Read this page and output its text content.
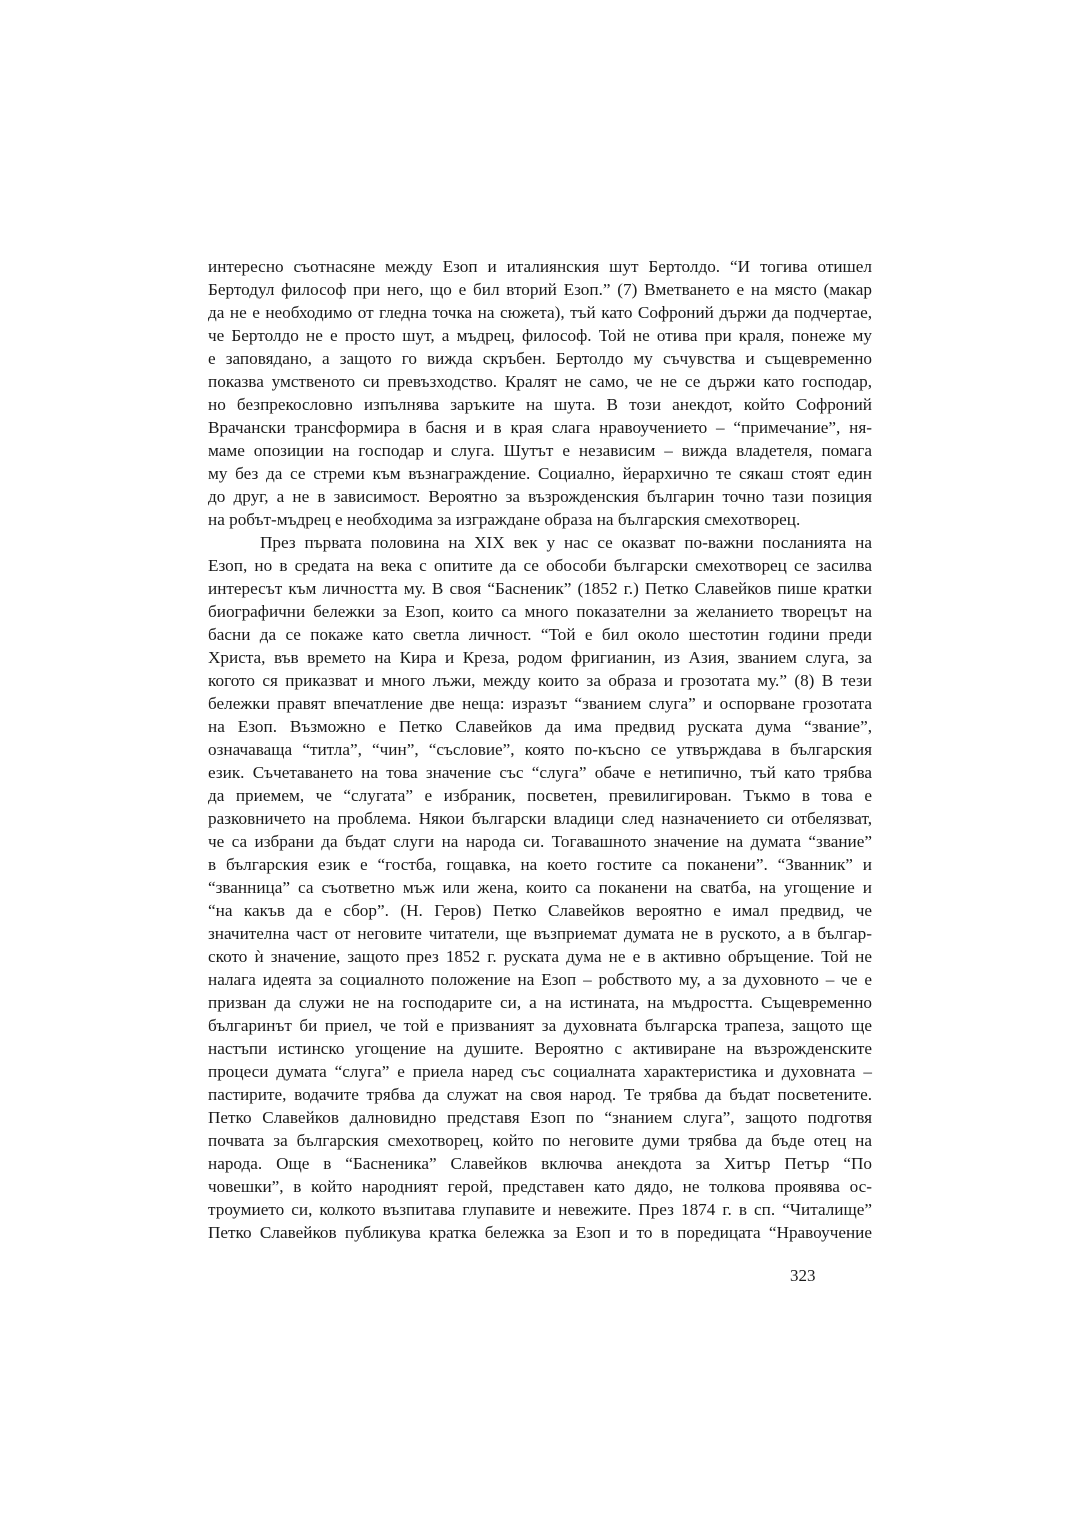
интересно съотнасяне между Езоп и италиянския шут Бертолдо. “И тогива отишел
Бертодул философ при него, що е бил вторий Езоп.” (7) Вметването е на място (макар
да не е необходимо от гледна точка на сюжета), тъй като Софроний държи да подчертае,
че Бертолдо не е просто шут, а мъдрец, философ. Той не отива при краля, понеже му
е заповядано, а защото го вижда скръбен. Бертолдо му съчувства и същевременно
показва умственото си превъзходство. Кралят не само, че не се държи като господар,
но безпрекословно изпълнява заръките на шута. В този анекдот, който Софроний
Врачански трансформира в басня и в края слага нравоучението – “примечание”, ня-
маме опозиции на господар и слуга. Шутът е независим – вижда владетеля, помага
му без да се стреми към възнаграждение. Социално, йерархично те сякаш стоят един
до друг, а не в зависимост. Вероятно за възрожденския българин точно тази позиция
на робът-мъдрец е необходима за изграждане образа на българския смехотворец.
През първата половина на XIX век у нас се оказват по-важни посланията на
Езоп, но в средата на века с опитите да се обособи български смехотворец се засилва
интересът към личността му. В своя “Басненик” (1852 г.) Петко Славейков пише кратки
биографични бележки за Езоп, които са много показателни за желанието творецът на
басни да се покаже като светла личност. “Той е бил около шестотин години преди
Христа, във времето на Кира и Креза, родом фригианин, из Азия, званием слуга, за
когото ся приказват и много лъжи, между които за образа и грозотата му.” (8) В тези
бележки правят впечатление две неща: изразът “званием слуга” и оспорване грозотата
на Езоп. Възможно е Петко Славейков да има предвид руската дума “звание”,
означаваща “титла”, “чин”, “съсловие”, която по-късно се утвърждава в българския
език. Съчетаването на това значение със “слуга” обаче е нетипично, тъй като трябва
да приемем, че “слугата” е избраник, посветен, превилигирован. Тъкмо в това е
разковничето на проблема. Някои български владици след назначението си отбелязват,
че са избрани да бъдат слуги на народа си. Тогавашното значение на думата “звание”
в българския език е “гостба, гощавка, на което гостите са поканени”. “Званник” и
“званница” са съответно мъж или жена, които са поканени на сватба, на угощение и
“на какъв да е сбор”. (Н. Геров) Петко Славейков вероятно е имал предвид, че
значителна част от неговите читатели, ще възприемат думата не в руското, а в българ-
ското ѝ значение, защото през 1852 г. руската дума не е в активно обръщение. Той не
налага идеята за социалното положение на Езоп – робството му, а за духовното – че е
призван да служи не на господарите си, а на истината, на мъдростта. Същевременно
българинът би приел, че той е призваният за духовната българска трапеза, защото ще
настъпи истинско угощение на душите. Вероятно с активиране на възрожденските
процеси думата “слуга” е приела наред със социалната характеристика и духовната –
пастирите, водачите трябва да служат на своя народ. Те трябва да бъдат посветените.
Петко Славейков далновидно представя Езоп по “знанием слуга”, защото подготвя
почвата за българския смехотворец, който по неговите думи трябва да бъде отец на
народа. Още в “Басненика” Славейков включва анекдота за Хитър Петър “По
човешки”, в който народният герой, представен като дядо, не толкова проявява ос-
троумието си, колкото възпитава глупавите и невежите. През 1874 г. в сп. “Читалище”
Петко Славейков публикува кратка бележка за Езоп и то в поредицата “Нравоучение
323
